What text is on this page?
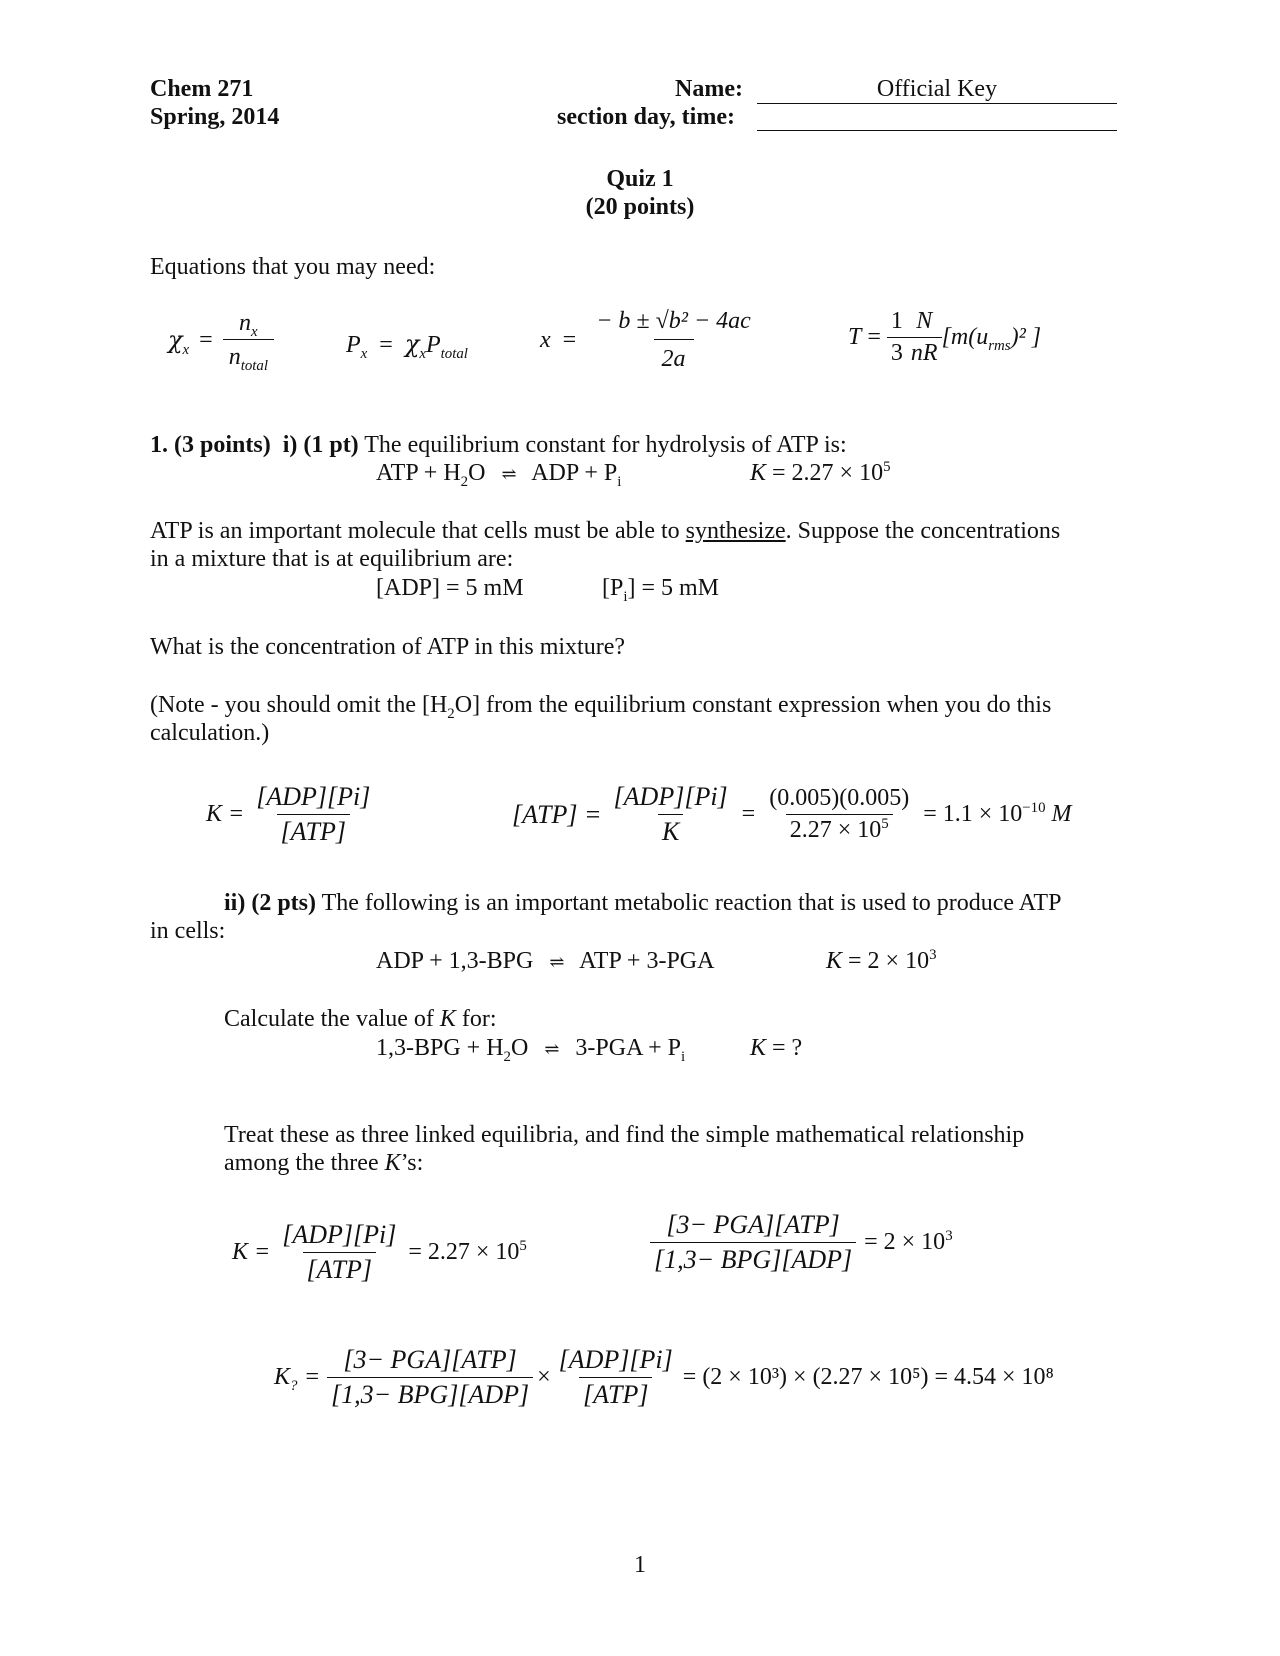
Chem 271
Spring, 2014
Name:	Official Key
section day, time:
Quiz 1
(20 points)
Equations that you may need:
$\chi_x$ =
$n_x$
$n_{total}$
$P_x = \chi_xP_{total}$
$x = \frac{\text{− b ± √b² − 4ac}}{2a}$	$T = \frac{1}{3}$ N
nR
[$m(u_{rms})^2$ ]
1. (3 points) i) (1 pt) The equilibrium constant for hydrolysis of ATP is:
ATP + $H_2O$ ⇌ ADP + $P_i$	$K = 2.27 \times 10^5$
ATP is an important molecule that cells must be able to synthesize. Suppose the concentrations
in a mixture that is at equilibrium are:
[ADP] = 5 mM	$[P_i] = 5$ mM
What is the concentration of ATP in this mixture?
(Note - you should omit the $[H_2O]$ from the equilibrium constant expression when you do this
calculation.)
K =
[ADP][Pi]
[ATP]
[ATP] =
[ADP][Pi]
K
= $\frac{(0.005)(0.005)}{2.27 \times 10^5} = 1.1 \times 10^{-10}$ M
ii) (2 pts) The following is an important metabolic reaction that is used to produce ATP
in cells:
ADP + 1,3-BPG ⇌ ATP + 3-PGA	$K = 2 \times 10^3$
Calculate the value of K for:
$1,3-BPG + H_2O$ ⇌ $3-PGA + P_i$	K = ?
Treat these as three linked equilibria, and find the simple mathematical relationship
among the three K’s:
K =
[ADP][Pi]
[ATP]
= $2.27 \times 10^5$
[3− PGA][ATP]
[1,3− BPG][ADP]
= $2 \times 10^3$
$K_?$ =
[3− PGA][ATP]
[1,3− BPG][ADP]
×
[ADP][Pi]
[ATP]
= (2 × 10³) × (2.27 × 10⁵) = 4.54 × 10⁸
1
